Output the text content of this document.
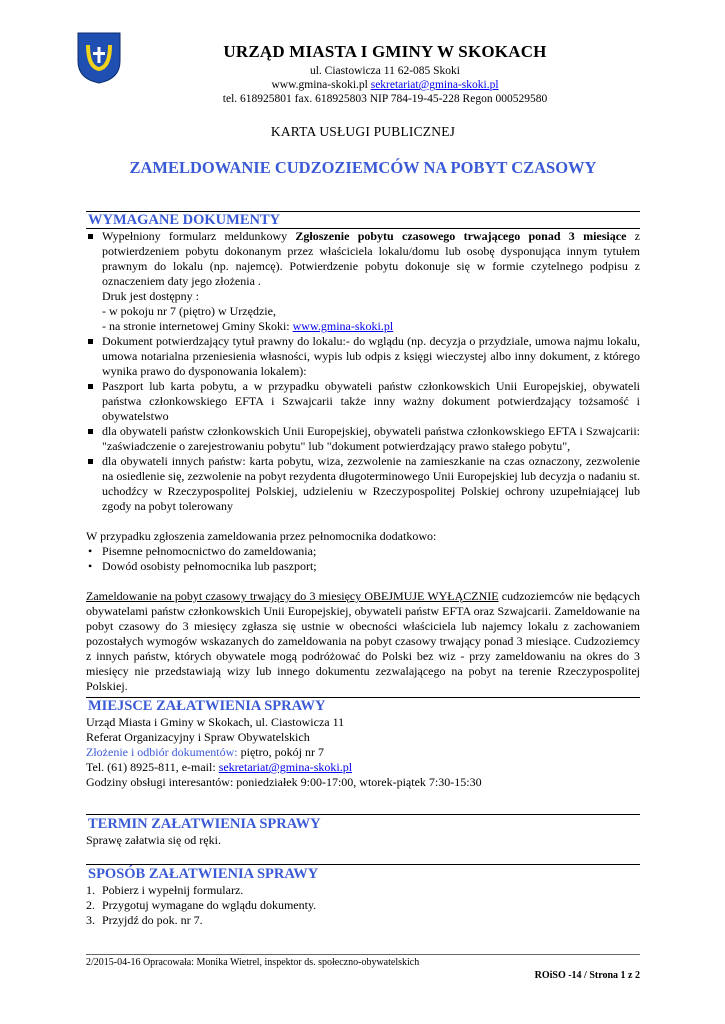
URZĄD MIASTA I GMINY W SKOKACH
ul. Ciastowicza 11 62-085 Skoki
www.gmina-skoki.pl sekretariat@gmina-skoki.pl
tel. 618925801 fax. 618925803 NIP 784-19-45-228 Regon 000529580
KARTA USŁUGI PUBLICZNEJ
ZAMELDOWANIE CUDZOZIEMCÓW NA POBYT CZASOWY
WYMAGANE DOKUMENTY
Wypełniony formularz meldunkowy Zgłoszenie pobytu czasowego trwającego ponad 3 miesiące z potwierdzeniem pobytu dokonanym przez właściciela lokalu/domu lub osobę dysponująca innym tytułem prawnym do lokalu (np. najemcę). Potwierdzenie pobytu dokonuje się w formie czytelnego podpisu z oznaczeniem daty jego złożenia .
Druk jest dostępny :
- w pokoju nr 7 (piętro) w Urzędzie,
- na stronie internetowej Gminy Skoki: www.gmina-skoki.pl
Dokument potwierdzający tytuł prawny do lokalu:- do wglądu (np. decyzja o przydziale, umowa najmu lokalu, umowa notarialna przeniesienia własności, wypis lub odpis z księgi wieczystej albo inny dokument, z którego wynika prawo do dysponowania lokalem):
Paszport lub karta pobytu, a w przypadku obywateli państw członkowskich Unii Europejskiej, obywateli państwa członkowskiego EFTA i Szwajcarii także inny ważny dokument potwierdzający tożsamość i obywatelstwo
dla obywateli państw członkowskich Unii Europejskiej, obywateli państwa członkowskiego EFTA i Szwajcarii: "zaświadczenie o zarejestrowaniu pobytu" lub "dokument potwierdzający prawo stałego pobytu",
dla obywateli innych państw: karta pobytu, wiza, zezwolenie na zamieszkanie na czas oznaczony, zezwolenie na osiedlenie się, zezwolenie na pobyt rezydenta długoterminowego Unii Europejskiej lub decyzja o nadaniu st. uchodźcy w Rzeczypospolitej Polskiej, udzieleniu w Rzeczypospolitej Polskiej ochrony uzupełniającej lub zgody na pobyt tolerowany
W przypadku zgłoszenia zameldowania przez pełnomocnika dodatkowo:
• Pisemne pełnomocnictwo do zameldowania;
• Dowód osobisty pełnomocnika lub paszport;
Zameldowanie na pobyt czasowy trwający do 3 miesięcy OBEJMUJE WYŁĄCZNIE cudzoziemców nie będących obywatelami państw członkowskich Unii Europejskiej, obywateli państw EFTA oraz Szwajcarii. Zameldowanie na pobyt czasowy do 3 miesięcy zgłasza się ustnie w obecności właściciela lub najemcy lokalu z zachowaniem pozostałych wymogów wskazanych do zameldowania na pobyt czasowy trwający ponad 3 miesiące. Cudzoziemcy z innych państw, których obywatele mogą podróżować do Polski bez wiz - przy zameldowaniu na okres do 3 miesięcy nie przedstawiają wizy lub innego dokumentu zezwalającego na pobyt na terenie Rzeczypospolitej Polskiej.
MIEJSCE ZAŁATWIENIA SPRAWY
Urząd Miasta i Gminy w Skokach, ul. Ciastowicza 11
Referat Organizacyjny i Spraw Obywatelskich
Złożenie i odbiór dokumentów: piętro, pokój nr 7
Tel. (61) 8925-811, e-mail: sekretariat@gmina-skoki.pl
Godziny obsługi interesantów: poniedziałek 9:00-17:00, wtorek-piątek 7:30-15:30
TERMIN ZAŁATWIENIA SPRAWY
Sprawę załatwia się od ręki.
SPOSÓB ZAŁATWIENIA SPRAWY
1. Pobierz i wypełnij formularz.
2. Przygotuj wymagane do wglądu dokumenty.
3. Przyjdź do pok. nr 7.
2/2015-04-16 Opracowała: Monika Wietrel, inspektor ds. społeczno-obywatelskich
ROiSO -14 / Strona 1 z 2
